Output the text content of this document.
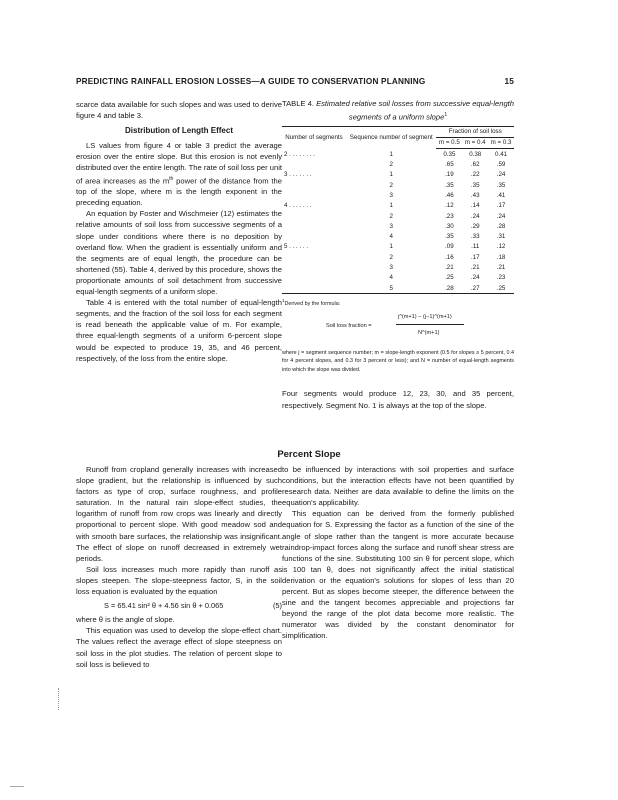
PREDICTING RAINFALL EROSION LOSSES—A GUIDE TO CONSERVATION PLANNING	15

scarce data available for such slopes and was used to derive figure 4 and table 3.

Distribution of Length Effect

LS values from figure 4 or table 3 predict the average erosion over the entire slope. But this erosion is not evenly distributed over the entire length. The rate of soil loss per unit of area increases as the $m^{th}$ power of the distance from the top of the slope, where m is the length exponent in the preceding equation.

An equation by Foster and Wischmeier (12) estimates the relative amounts of soil loss from successive segments of a slope under conditions where there is no deposition by overland flow. When the gradient is essentially uniform and the segments are of equal length, the procedure can be shortened (55). Table 4, derived by this procedure, shows the proportionate amounts of soil detachment from successive equal-length segments of a uniform slope.

Table 4 is entered with the total number of equal-length segments, and the fraction of the soil loss for each segment is read beneath the applicable value of m. For example, three equal-length segments of a uniform 6-percent slope would be expected to produce 19, 35, and 46 percent, respectively, of the loss from the entire slope.

TABLE 4. Estimated relative soil losses from successive equal-length segments of a uniform slope$^1$
Number of segments	Sequence number of segment	Fraction of soil loss		
		m = 0.5	m = 0.4	m = 0.3
2 . . . . . . . .	1	0.35	0.38	0.41
	2	.65	.62	.59
3 . . . . . . .	1	.19	.22	.24
	2	.35	.35	.35
	3	.46	.43	.41
4 . . . . . . .	1	.12	.14	.17
	2	.23	.24	.24
	3	.30	.29	.28
	4	.35	.33	.31
5 . . . . . .	1	.09	.11	.12
	2	.16	.17	.18
	3	.21	.21	.21
	4	.25	.24	.23
	5	.28	.27	.25
$^1$Derived by the formula:
Soil loss fraction =
j^(m+1) − (j−1)^(m+1)
N^(m+1)
where j = segment sequence number; m = slope-length exponent (0.5 for slopes ≥ 5 percent, 0.4 for 4 percent slopes, and 0.3 for 3 percent or less); and N = number of equal-length segments into which the slope was divided.
Four segments would produce 12, 23, 30, and 35 percent, respectively. Segment No. 1 is always at the top of the slope.
Percent Slope

Runoff from cropland generally increases with increased slope gradient, but the relationship is influenced by such factors as type of crop, surface roughness, and profile saturation. In the natural rain slope-effect studies, the logarithm of runoff from row crops was linearly and directly proportional to percent slope. With good meadow sod and with smooth bare surfaces, the relationship was insignificant. The effect of slope on runoff decreased in extremely wet periods.

Soil loss increases much more rapidly than runoff as slopes steepen. The slope-steepness factor, S, in the soil loss equation is evaluated by the equation

S = 65.41 sin² θ + 4.56 sin θ + 0.065	(5)

where θ is the angle of slope.

This equation was used to develop the slope-effect chart. The values reflect the average effect of slope steepness on soil loss in the plot studies. The relation of percent slope to soil loss is believed to

to be influenced by interactions with soil properties and surface conditions, but the interaction effects have not been quantified by research data. Neither are data available to define the limits on the equation's applicability.

This equation can be derived from the formerly published equation for S. Expressing the factor as a function of the sine of the angle of slope rather than the tangent is more accurate because raindrop-impact forces along the surface and runoff shear stress are functions of the sine. Substituting 100 sin θ for percent slope, which is 100 tan θ, does not significantly affect the initial statistical derivation or the equation's solutions for slopes of less than 20 percent. But as slopes become steeper, the difference between the sine and the tangent becomes appreciable and projections far beyond the range of the plot data become more realistic. The numerator was divided by the constant denominator for simplification.
